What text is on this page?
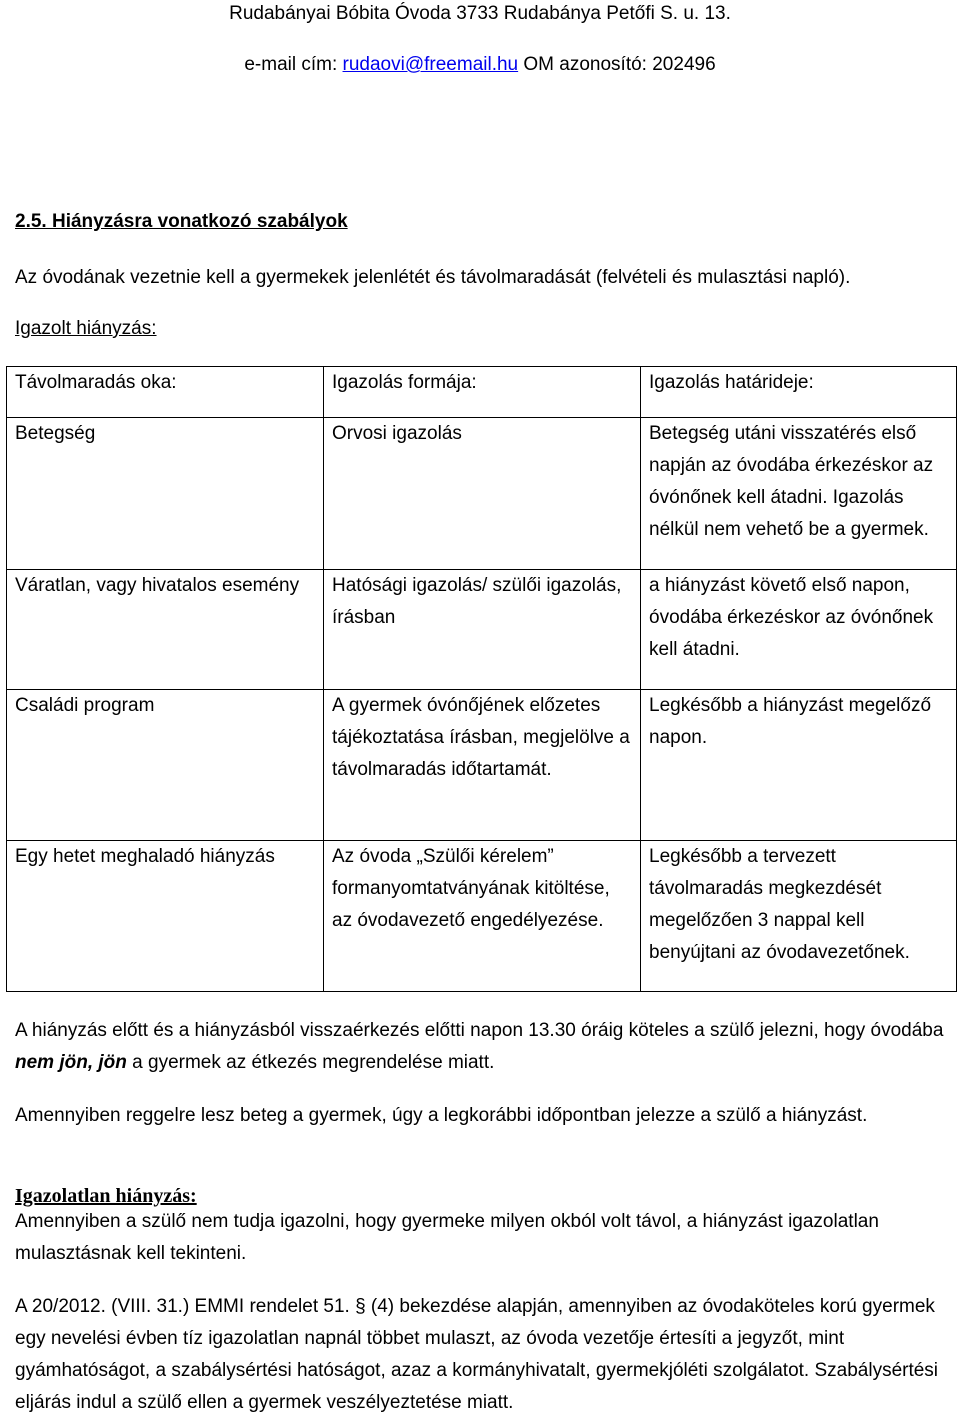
Rudabányai Bóbita Óvoda 3733 Rudabánya Petőfi S. u. 13.
e-mail cím: rudaovi@freemail.hu OM azonosító: 202496
2.5. Hiányzásra vonatkozó szabályok
Az óvodának vezetnie kell a gyermekek jelenlétét és távolmaradását (felvételi és mulasztási napló).
Igazolt hiányzás:
Távolmaradás oka:	Igazolás formája:	Igazolás határideje:
Betegség	Orvosi igazolás	Betegség utáni visszatérés első napján az óvodába érkezéskor az óvónőnek kell átadni. Igazolás nélkül nem vehető be a gyermek.
Váratlan, vagy hivatalos esemény	Hatósági igazolás/ szülői igazolás, írásban	a hiányzást követő első napon, óvodába érkezéskor az óvónőnek kell átadni.
Családi program	A gyermek óvónőjének előzetes tájékoztatása írásban, megjelölve a távolmaradás időtartamát.	Legkésőbb a hiányzást megelőző napon.
Egy hetet meghaladó hiányzás	Az óvoda „Szülői kérelem” formanyomtatványának kitöltése, az óvodavezető engedélyezése.	Legkésőbb a tervezett távolmaradás megkezdését megelőzően 3 nappal kell benyújtani az óvodavezetőnek.
A hiányzás előtt és a hiányzásból visszaérkezés előtti napon 13.30 óráig köteles a szülő jelezni, hogy óvodába nem jön, jön a gyermek az étkezés megrendelése miatt.
Amennyiben reggelre lesz beteg a gyermek, úgy a legkorábbi időpontban jelezze a szülő a hiányzást.
Igazolatlan hiányzás:
Amennyiben a szülő nem tudja igazolni, hogy gyermeke milyen okból volt távol, a hiányzást igazolatlan mulasztásnak kell tekinteni.
A 20/2012. (VIII. 31.) EMMI rendelet 51. § (4) bekezdése alapján, amennyiben az óvodaköteles korú gyermek egy nevelési évben tíz igazolatlan napnál többet mulaszt, az óvoda vezetője értesíti a jegyzőt, mint gyámhatóságot, a szabálysértési hatóságot, azaz a kormányhivatalt, gyermekjóléti szolgálatot. Szabálysértési eljárás indul a szülő ellen a gyermek veszélyeztetése miatt.
